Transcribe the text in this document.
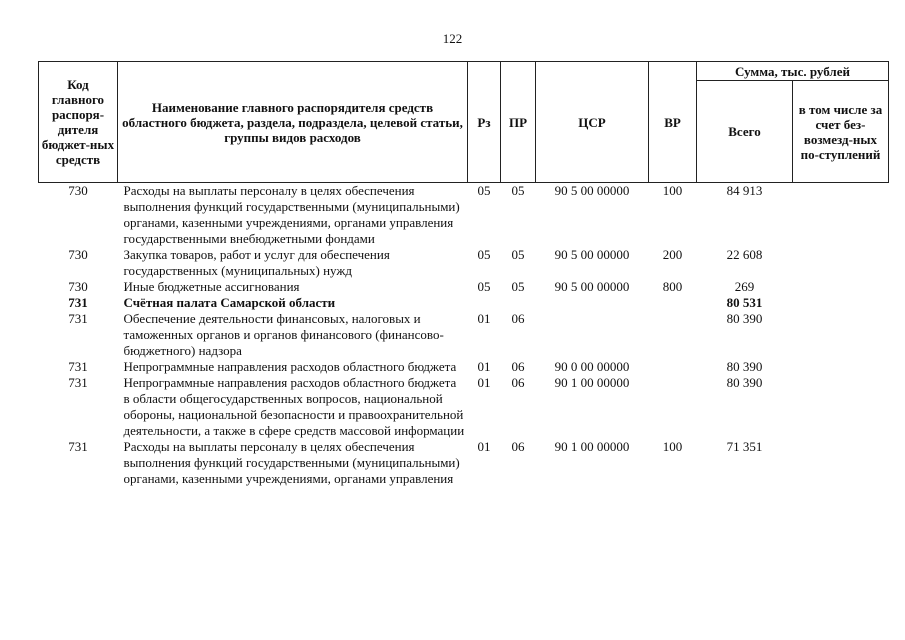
122
Код главного распоря-дителя бюджет-ных средств	Наименование главного распорядителя средств областного бюджета, раздела, подраздела, целевой статьи, группы видов расходов	Рз	ПР	ЦСР	ВР	Сумма, тыс. рублей	
						Всего	в том числе за счет без-возмезд-ных по-ступлений
730	Расходы на выплаты персоналу в целях обеспечения выполнения функций государственными (муниципальными) органами, казенными учреждениями, органами управления государственными внебюджетными фондами	05	05	90 5 00 00000	100	84 913	
730	Закупка товаров, работ и услуг для обеспечения государственных (муниципальных) нужд	05	05	90 5 00 00000	200	22 608	
730	Иные бюджетные ассигнования	05	05	90 5 00 00000	800	269	
731	Счётная палата Самарской области					80 531	
731	Обеспечение деятельности финансовых, налоговых и таможенных органов и органов финансового (финансово-бюджетного) надзора	01	06			80 390	
731	Непрограммные направления расходов областного бюджета	01	06	90 0 00 00000		80 390	
731	Непрограммные направления расходов областного бюджета в области общегосударственных вопросов, национальной обороны, национальной безопасности и правоохранительной деятельности, а также в сфере средств массовой информации	01	06	90 1 00 00000		80 390	
731	Расходы на выплаты персоналу в целях обеспечения выполнения функций государственными (муниципальными) органами, казенными учреждениями, органами управления	01	06	90 1 00 00000	100	71 351	
